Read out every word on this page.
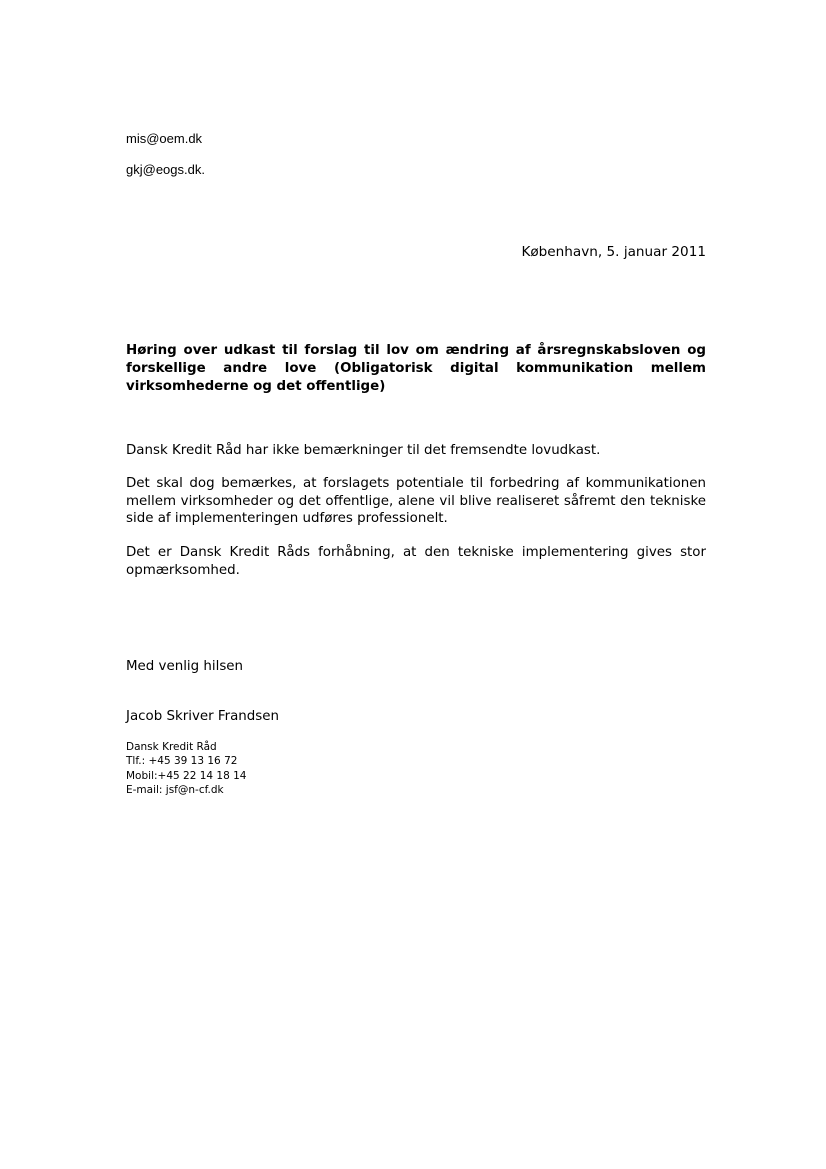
mis@oem.dk
gkj@eogs.dk.
København, 5. januar 2011

Høring over udkast til forslag til lov om ændring af årsregnskabsloven og forskellige andre love (Obligatorisk digital kommunikation mellem virksomhederne og det offentlige)

Dansk Kredit Råd har ikke bemærkninger til det fremsendte lovudkast.

Det skal dog bemærkes, at forslagets potentiale til forbedring af kommunikationen mellem virksomheder og det offentlige, alene vil blive realiseret såfremt den tekniske side af implementeringen udføres professionelt.

Det er Dansk Kredit Råds forhåbning, at den tekniske implementering gives stor opmærksomhed.

Med venlig hilsen
Jacob Skriver Frandsen
Dansk Kredit Råd
Tlf.: +45 39 13 16 72
Mobil:+45 22 14 18 14
E-mail: jsf@n-cf.dk
